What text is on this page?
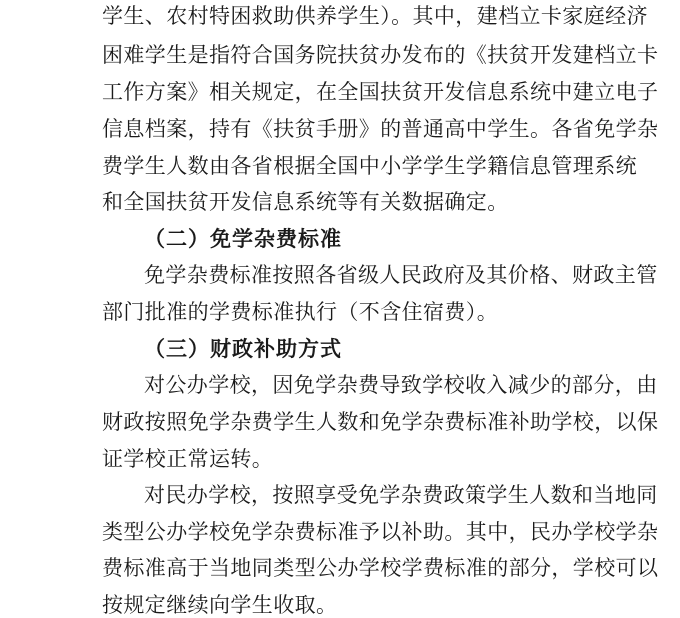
学生、农村特困救助供养学生）。其中，建档立卡家庭经济
困难学生是指符合国务院扶贫办发布的《扶贫开发建档立卡
工作方案》相关规定，在全国扶贫开发信息系统中建立电子
信息档案，持有《扶贫手册》的普通高中学生。各省免学杂
费学生人数由各省根据全国中小学学生学籍信息管理系统
和全国扶贫开发信息系统等有关数据确定。
（二）免学杂费标准
免学杂费标准按照各省级人民政府及其价格、财政主管
部门批准的学费标准执行（不含住宿费）。
（三）财政补助方式
对公办学校，因免学杂费导致学校收入减少的部分，由
财政按照免学杂费学生人数和免学杂费标准补助学校，以保
证学校正常运转。
对民办学校，按照享受免学杂费政策学生人数和当地同
类型公办学校免学杂费标准予以补助。其中，民办学校学杂
费标准高于当地同类型公办学校学费标准的部分，学校可以
按规定继续向学生收取。
